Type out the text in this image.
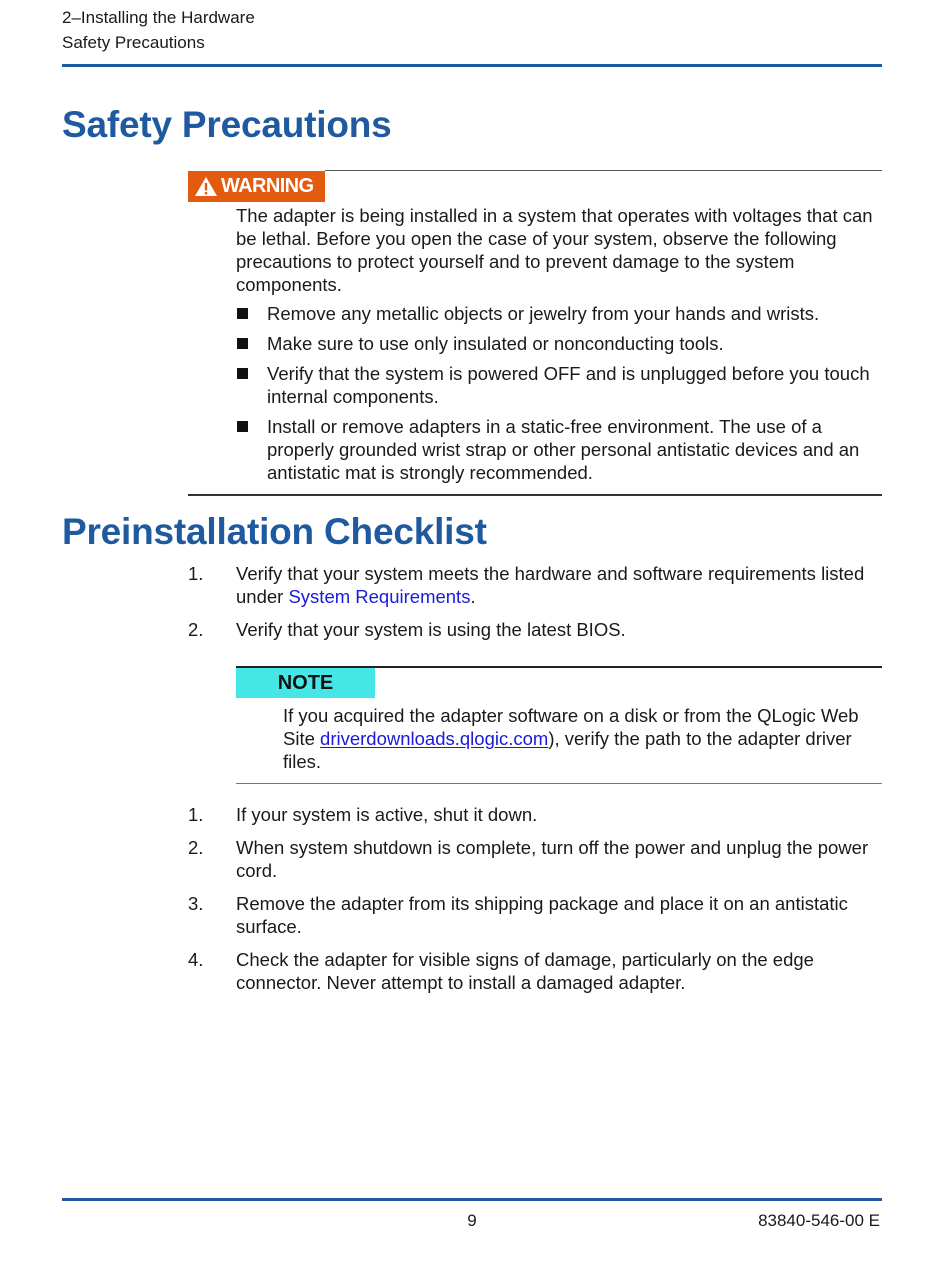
2–Installing the Hardware
Safety Precautions
Safety Precautions
WARNING
The adapter is being installed in a system that operates with voltages that can be lethal. Before you open the case of your system, observe the following precautions to protect yourself and to prevent damage to the system components.
Remove any metallic objects or jewelry from your hands and wrists.
Make sure to use only insulated or nonconducting tools.
Verify that the system is powered OFF and is unplugged before you touch internal components.
Install or remove adapters in a static-free environment. The use of a properly grounded wrist strap or other personal antistatic devices and an antistatic mat is strongly recommended.
Preinstallation Checklist
1. Verify that your system meets the hardware and software requirements listed under System Requirements.
2. Verify that your system is using the latest BIOS.
NOTE
If you acquired the adapter software on a disk or from the QLogic Web Site driverdownloads.qlogic.com), verify the path to the adapter driver files.
1. If your system is active, shut it down.
2. When system shutdown is complete, turn off the power and unplug the power cord.
3. Remove the adapter from its shipping package and place it on an antistatic surface.
4. Check the adapter for visible signs of damage, particularly on the edge connector. Never attempt to install a damaged adapter.
9	83840-546-00 E
